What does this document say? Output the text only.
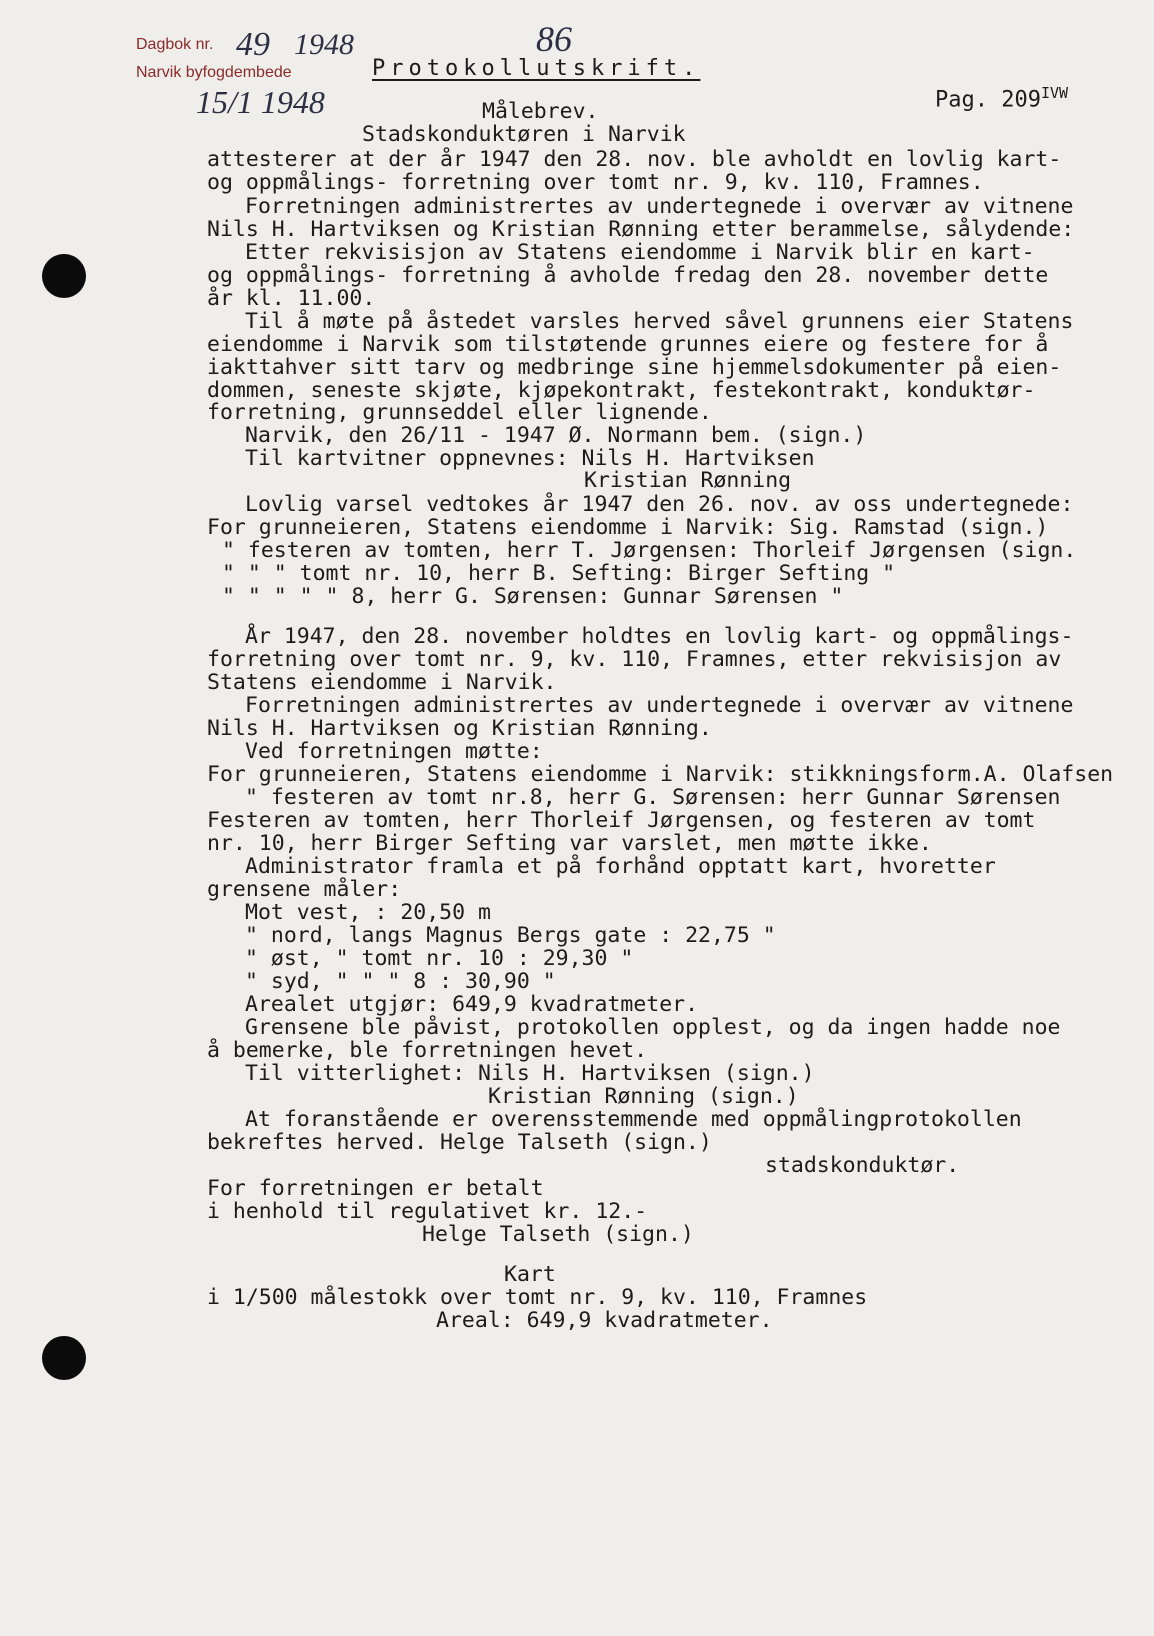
Dagbok nr.
Narvik byfogdembede
49 1948	86
15/1 1948
Protokollutskrift.
Pag. $209^{IVW}$
Målebrev.
Stadskonduktøren i Narvik
attesterer at der år 1947 den 28. nov. ble avholdt en lovlig kart-
og oppmålings- forretning over tomt nr. 9, kv. 110, Framnes.
Forretningen administrertes av undertegnede i overvær av vitnene
Nils H. Hartviksen og Kristian Rønning etter berammelse, sålydende:
Etter rekvisisjon av Statens eiendomme i Narvik blir en kart-
og oppmålings- forretning å avholde fredag den 28. november dette
år kl. 11.00.
Til å møte på åstedet varsles herved såvel grunnens eier Statens
eiendomme i Narvik som tilstøtende grunnes eiere og festere for å
iakttahver sitt tarv og medbringe sine hjemmelsdokumenter på eien-
dommen, seneste skjøte, kjøpekontrakt, festekontrakt, konduktør-
forretning, grunnseddel eller lignende.
Narvik, den 26/11 - 1947 Ø. Normann bem. (sign.)
Til kartvitner oppnevnes: Nils H. Hartviksen
Kristian Rønning
Lovlig varsel vedtokes år 1947 den 26. nov. av oss undertegnede:
For grunneieren, Statens eiendomme i Narvik: Sig. Ramstad (sign.)
" festeren av tomten, herr T. Jørgensen: Thorleif Jørgensen (sign.
" " " tomt nr. 10, herr B. Sefting: Birger Sefting "
" " " " " 8, herr G. Sørensen: Gunnar Sørensen "
År 1947, den 28. november holdtes en lovlig kart- og oppmålings-
forretning over tomt nr. 9, kv. 110, Framnes, etter rekvisisjon av
Statens eiendomme i Narvik.
Forretningen administrertes av undertegnede i overvær av vitnene
Nils H. Hartviksen og Kristian Rønning.
Ved forretningen møtte:
For grunneieren, Statens eiendomme i Narvik: stikkningsform.A. Olafsen
" festeren av tomt nr.8, herr G. Sørensen: herr Gunnar Sørensen
Festeren av tomten, herr Thorleif Jørgensen, og festeren av tomt
nr. 10, herr Birger Sefting var varslet, men møtte ikke.
Administrator framla et på forhånd opptatt kart, hvoretter
grensene måler:
Mot vest, : 20,50 m
" nord, langs Magnus Bergs gate : 22,75 "
" øst, " tomt nr. 10 : 29,30 "
" syd, " " " 8 : 30,90 "
Arealet utgjør: 649,9 kvadratmeter.
Grensene ble påvist, protokollen opplest, og da ingen hadde noe
å bemerke, ble forretningen hevet.
Til vitterlighet: Nils H. Hartviksen (sign.)
Kristian Rønning (sign.)
At foranstående er overensstemmende med oppmålingprotokollen
bekreftes herved. Helge Talseth (sign.)
stadskonduktør.
For forretningen er betalt
i henhold til regulativet kr. 12.-
Helge Talseth (sign.)
Kart
i 1/500 målestokk over tomt nr. 9, kv. 110, Framnes
Areal: 649,9 kvadratmeter.
